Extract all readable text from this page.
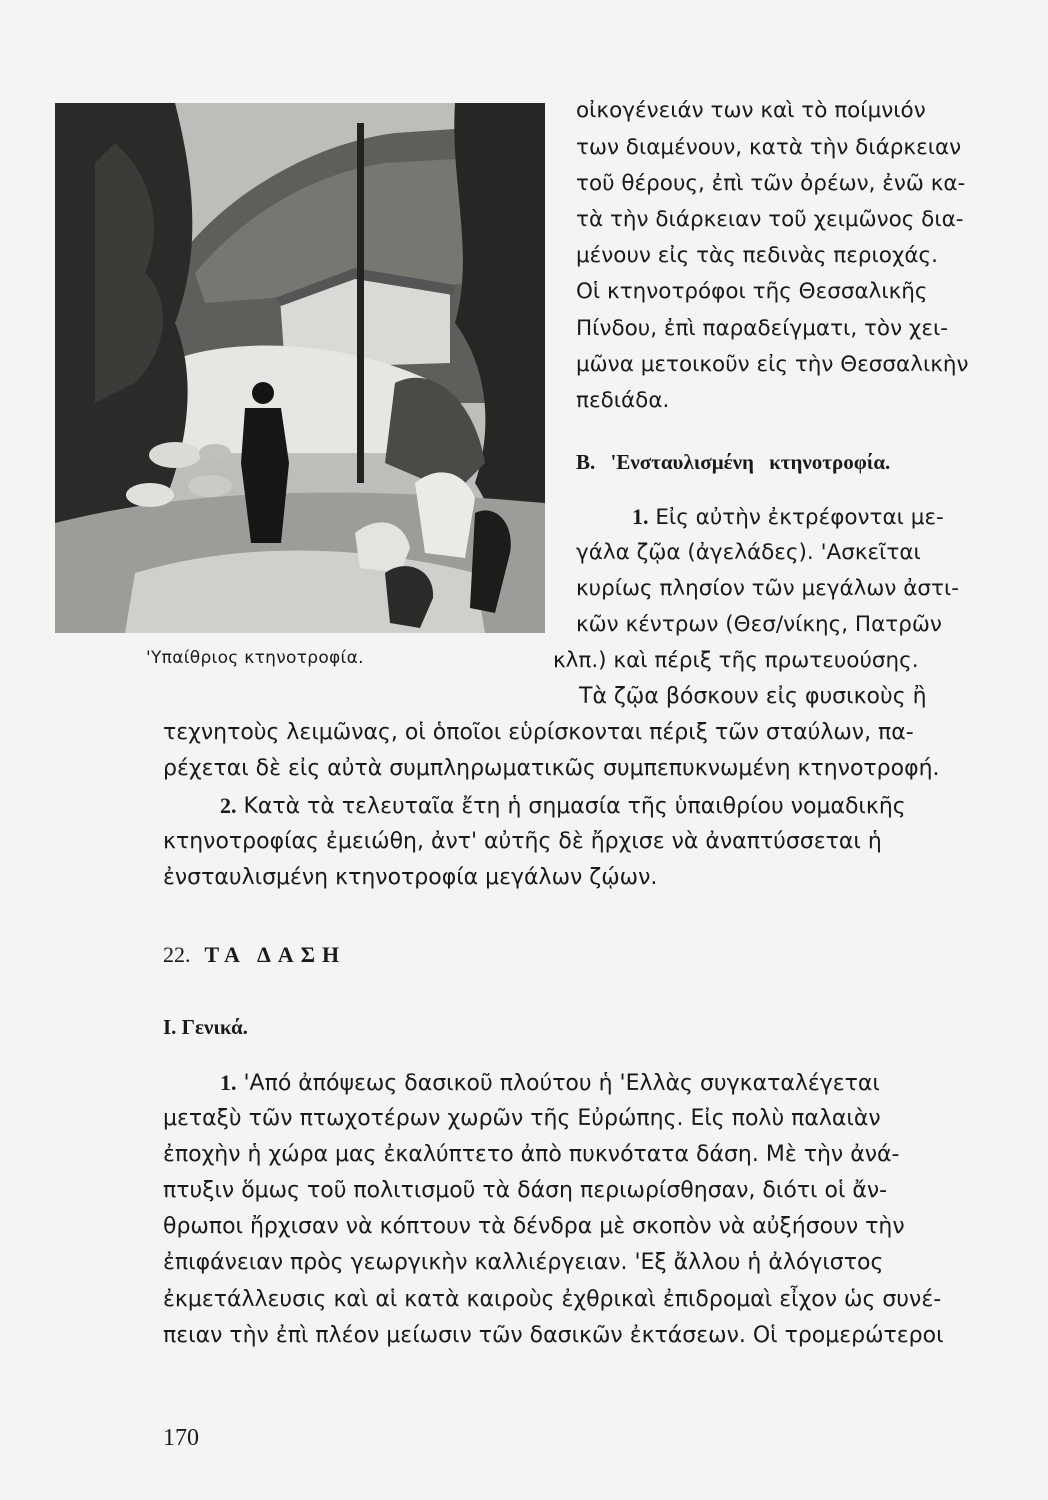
'Υπαίθριος κτηνοτροφία.
οἰκογένειάν των καὶ τὸ ποίμνιόν
των διαμένουν, κατὰ τὴν διάρκειαν
τοῦ θέρους, ἐπὶ τῶν ὀρέων, ἐνῶ κα-
τὰ τὴν διάρκειαν τοῦ χειμῶνος δια-
μένουν εἰς τὰς πεδινὰς περιοχάς.
Οἱ κτηνοτρόφοι τῆς Θεσσαλικῆς
Πίνδου, ἐπὶ παραδείγματι, τὸν χει-
μῶνα μετοικοῦν εἰς τὴν Θεσσαλικὴν
πεδιάδα.
Β. 'Ενσταυλισμένη κτηνοτροφία.
1. Εἰς αὐτὴν ἐκτρέφονται με-
γάλα ζῷα (ἀγελάδες). 'Ασκεῖται
κυρίως πλησίον τῶν μεγάλων ἀστι-
κῶν κέντρων (Θεσ/νίκης, Πατρῶν
κλπ.) καὶ πέριξ τῆς πρωτευούσης.
Τὰ ζῷα βόσκουν εἰς φυσικοὺς ἢ
τεχνητοὺς λειμῶνας, οἱ ὁποῖοι εὑρίσκονται πέριξ τῶν σταύλων, πα-
ρέχεται δὲ εἰς αὐτὰ συμπληρωματικῶς συμπεπυκνωμένη κτηνοτροφή.
2. Κατὰ τὰ τελευταῖα ἔτη ἡ σημασία τῆς ὑπαιθρίου νομαδικῆς
κτηνοτροφίας ἐμειώθη, ἀντ' αὐτῆς δὲ ἤρχισε νὰ ἀναπτύσσεται ἡ
ἐνσταυλισμένη κτηνοτροφία μεγάλων ζῴων.
22. ΤΑ ΔΑΣΗ
Ι. Γενικά.
1. 'Από ἀπόψεως δασικοῦ πλούτου ἡ 'Ελλὰς συγκαταλέγεται
μεταξὺ τῶν πτωχοτέρων χωρῶν τῆς Εὐρώπης. Εἰς πολὺ παλαιὰν
ἐποχὴν ἡ χώρα μας ἐκαλύπτετο ἀπὸ πυκνότατα δάση. Μὲ τὴν ἀνά-
πτυξιν ὅμως τοῦ πολιτισμοῦ τὰ δάση περιωρίσθησαν, διότι οἱ ἄν-
θρωποι ἤρχισαν νὰ κόπτουν τὰ δένδρα μὲ σκοπὸν νὰ αὐξήσουν τὴν
ἐπιφάνειαν πρὸς γεωργικὴν καλλιέργειαν. 'Εξ ἄλλου ἡ ἀλόγιστος
ἐκμετάλλευσις καὶ αἱ κατὰ καιροὺς ἐχθρικαὶ ἐπιδρομαὶ εἶχον ὡς συνέ-
πειαν τὴν ἐπὶ πλέον μείωσιν τῶν δασικῶν ἐκτάσεων. Οἱ τρομερώτεροι
170
